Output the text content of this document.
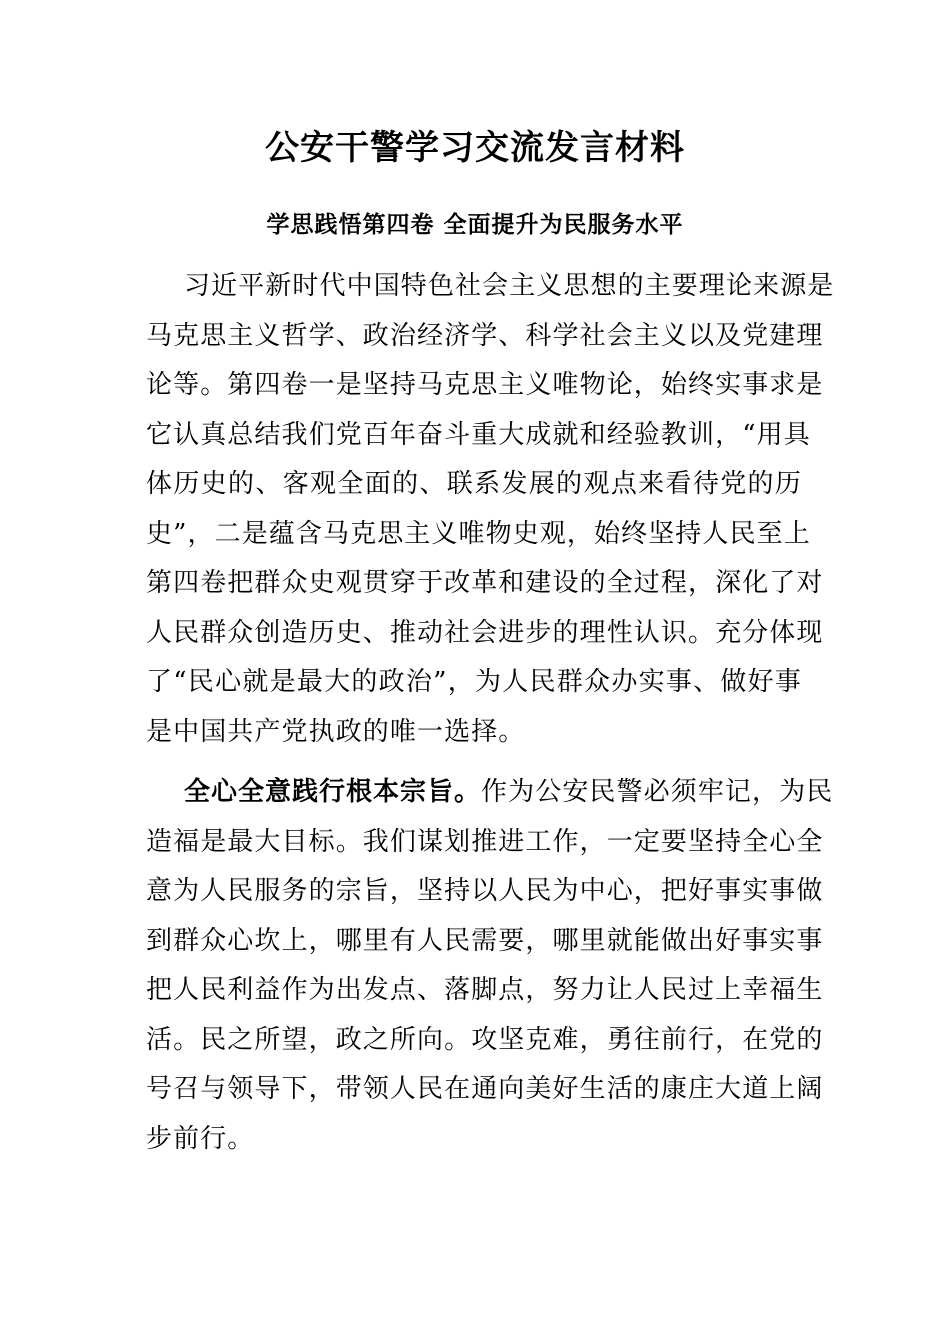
公安干警学习交流发言材料
学思践悟第四卷 全面提升为民服务水平
习近平新时代中国特色社会主义思想的主要理论来源是
马克思主义哲学、政治经济学、科学社会主义以及党建理
论等。第四卷一是坚持马克思主义唯物论，始终实事求是
它认真总结我们党百年奋斗重大成就和经验教训，“用具
体历史的、客观全面的、联系发展的观点来看待党的历
史”，二是蕴含马克思主义唯物史观，始终坚持人民至上
第四卷把群众史观贯穿于改革和建设的全过程，深化了对
人民群众创造历史、推动社会进步的理性认识。充分体现
了“民心就是最大的政治”，为人民群众办实事、做好事
是中国共产党执政的唯一选择。
全心全意践行根本宗旨。作为公安民警必须牢记，为民
造福是最大目标。我们谋划推进工作，一定要坚持全心全
意为人民服务的宗旨，坚持以人民为中心，把好事实事做
到群众心坎上，哪里有人民需要，哪里就能做出好事实事
把人民利益作为出发点、落脚点，努力让人民过上幸福生
活。民之所望，政之所向。攻坚克难，勇往前行，在党的
号召与领导下，带领人民在通向美好生活的康庄大道上阔
步前行。
